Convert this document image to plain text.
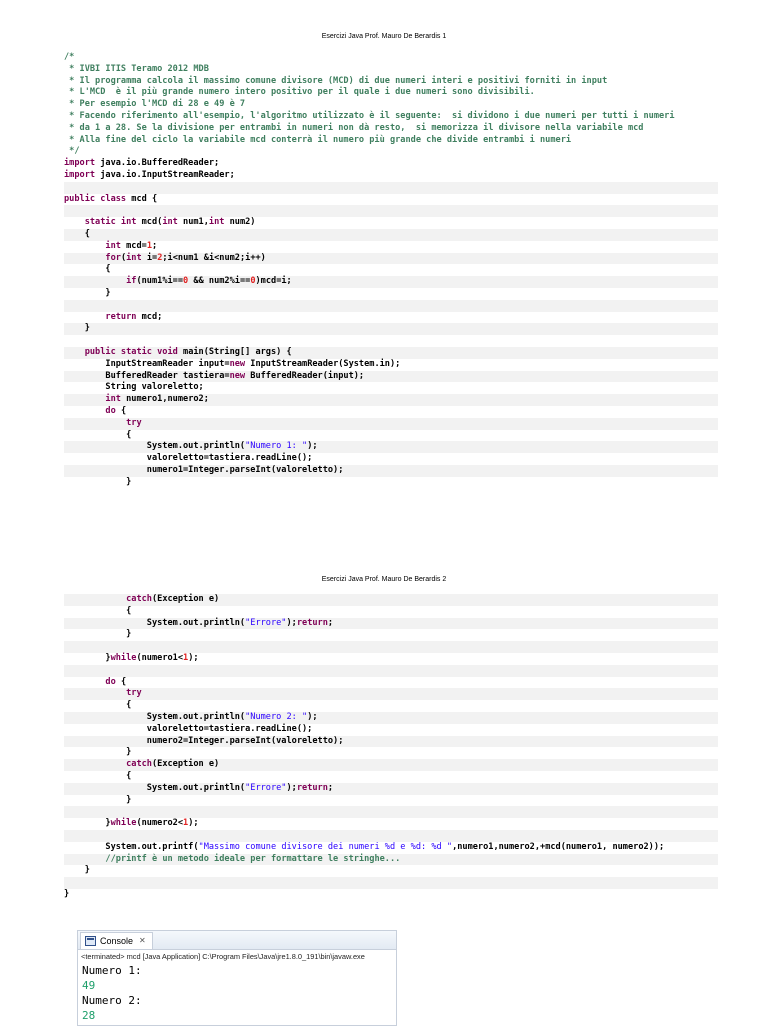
Esercizi Java Prof. Mauro De Berardis 1
/*
* IVBI ITIS Teramo 2012 MDB
* Il programma calcola il massimo comune divisore (MCD) di due numeri interi e positivi forniti in input
* L'MCD  è il più grande numero intero positivo per il quale i due numeri sono divisibili.
* Per esempio l'MCD di 28 e 49 è 7
* Facendo riferimento all'esempio, l'algoritmo utilizzato è il seguente:  si dividono i due numeri per tutti i numeri
* da 1 a 28. Se la divisione per entrambi in numeri non dà resto,  si memorizza il divisore nella variabile mcd
* Alla fine del ciclo la variabile mcd conterrà il numero più grande che divide entrambi i numeri
*/
import java.io.BufferedReader;
import java.io.InputStreamReader;

public class mcd {

static int mcd(int num1,int num2)
{
int mcd=1;
for(int i=2;i<num1 &i<num2;i++)
{
if(num1%i==0 && num2%i==0)mcd=i;
}

return mcd;
}

public static void main(String[] args) {
InputStreamReader input=new InputStreamReader(System.in);
BufferedReader tastiera=new BufferedReader(input);
String valoreletto;
int numero1,numero2;
do {
try
{
System.out.println("Numero 1: ");
valoreletto=tastiera.readLine();
numero1=Integer.parseInt(valoreletto);
}
Esercizi Java Prof. Mauro De Berardis 2
catch(Exception e)
{
System.out.println("Errore");return;
}

}while(numero1<1);

do {
try
{
System.out.println("Numero 2: ");
valoreletto=tastiera.readLine();
numero2=Integer.parseInt(valoreletto);
}
catch(Exception e)
{
System.out.println("Errore");return;
}

}while(numero2<1);

System.out.printf("Massimo comune divisore dei numeri %d e %d: %d ",numero1,numero2,+mcd(numero1, numero2));
//printf è un metodo ideale per formattare le stringhe...
}

}
Console ✕
<terminated> mcd [Java Application] C:\Program Files\Java\jre1.8.0_191\bin\javaw.exe
Numero 1:
49
Numero 2:
28
